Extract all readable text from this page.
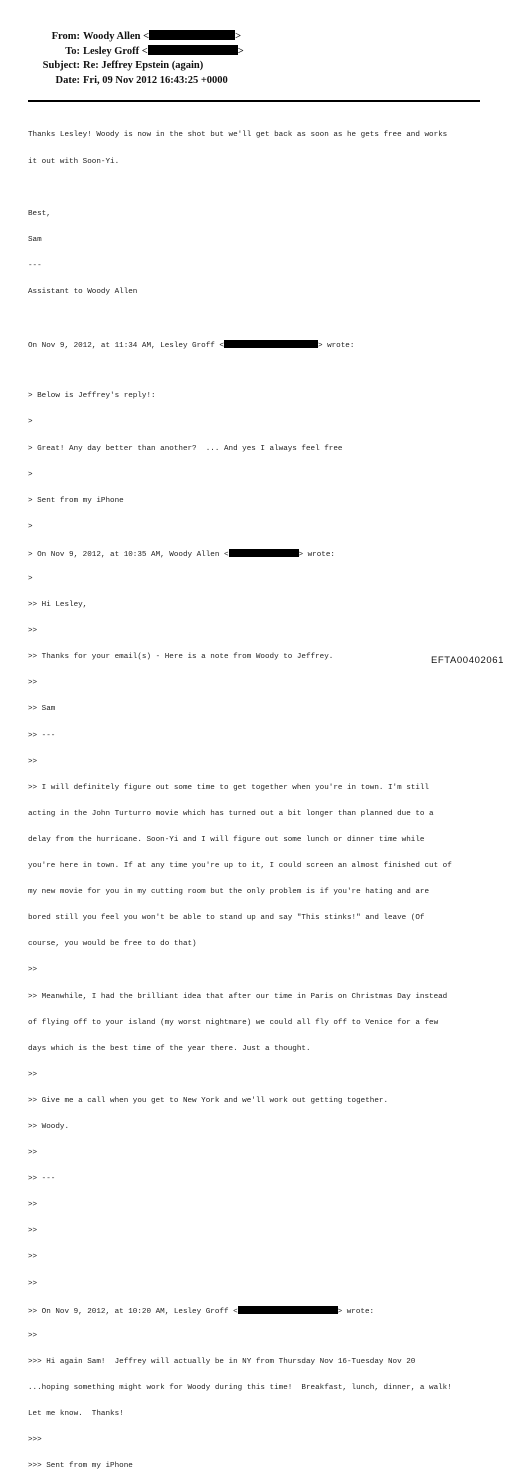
From: Woody Allen <	>
To: Lesley Groff <	>
Subject: Re: Jeffrey Epstein (again)
Date: Fri, 09 Nov 2012 16:43:25 +0000

Thanks Lesley! Woody is now in the shot but we'll get back as soon as he gets free and works

it out with Soon-Yi.

Best,

Sam

---

Assistant to Woody Allen

On Nov 9, 2012, at 11:34 AM, Lesley Groff <	> wrote:

> Below is Jeffrey's reply!:

>

> Great! Any day better than another?  ... And yes I always feel free

>

> Sent from my iPhone

>

> On Nov 9, 2012, at 10:35 AM, Woody Allen <	> wrote:

>

>> Hi Lesley,

>>

>> Thanks for your email(s) - Here is a note from Woody to Jeffrey.

>>

>> Sam

>> ---

>>

>> I will definitely figure out some time to get together when you're in town. I'm still

acting in the John Turturro movie which has turned out a bit longer than planned due to a

delay from the hurricane. Soon-Yi and I will figure out some lunch or dinner time while

you're here in town. If at any time you're up to it, I could screen an almost finished cut of

my new movie for you in my cutting room but the only problem is if you're hating and are

bored still you feel you won't be able to stand up and say "This stinks!" and leave (Of

course, you would be free to do that)

>>

>> Meanwhile, I had the brilliant idea that after our time in Paris on Christmas Day instead

of flying off to your island (my worst nightmare) we could all fly off to Venice for a few

days which is the best time of the year there. Just a thought.

>>

>> Give me a call when you get to New York and we'll work out getting together.

>> Woody.

>>

>> ---

>>

>>

>>

>>

>> On Nov 9, 2012, at 10:20 AM, Lesley Groff <	> wrote:

>>

>>> Hi again Sam!  Jeffrey will actually be in NY from Thursday Nov 16-Tuesday Nov 20

...hoping something might work for Woody during this time!  Breakfast, lunch, dinner, a walk!

Let me know.  Thanks!

>>>

>>> Sent from my iPhone

EFTA00402061
